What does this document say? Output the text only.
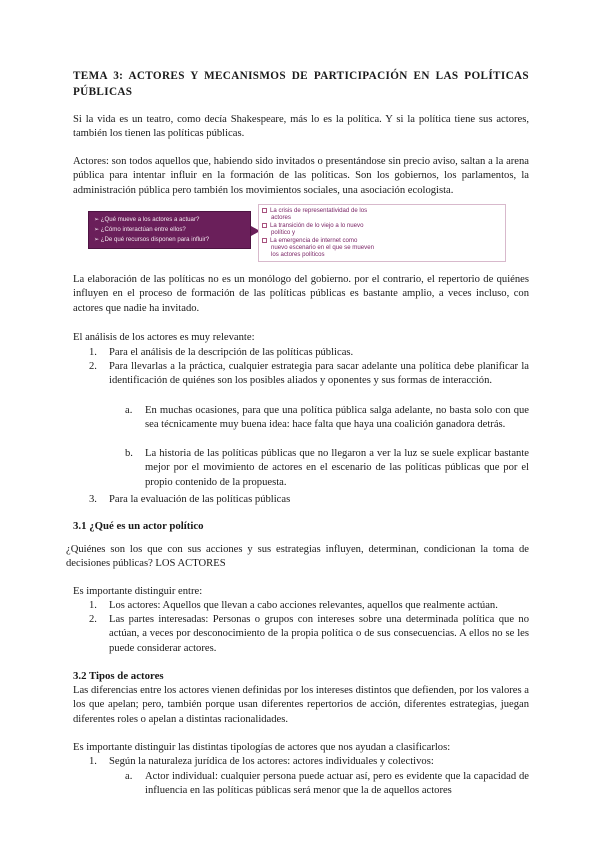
TEMA 3: ACTORES Y MECANISMOS DE PARTICIPACIÓN EN LAS POLÍTICAS PÚBLICAS
Si la vida es un teatro, como decía Shakespeare, más lo es la política. Y si la política tiene sus actores, también los tienen las políticas públicas.
Actores: son todos aquellos que, habiendo sido invitados o presentándose sin precio aviso, saltan a la arena pública para intentar influir en la formación de las políticas. Son los gobiernos, los parlamentos, la administración pública pero también los movimientos sociales, una asociación ecologista.
➢ ¿Qué mueve a los actores a actuar?
➢ ¿Cómo interactúan entre ellos?
➢ ¿De qué recursos disponen para influir?
La crisis de representatividad de los
actores
La transición de lo viejo a lo nuevo
político y
La emergencia de internet como
nuevo escenario en el que se mueven
los actores políticos
La elaboración de las políticas no es un monólogo del gobierno. por el contrario, el repertorio de quiénes influyen en el proceso de formación de las políticas públicas es bastante amplio, a veces incluso, con actores que nadie ha invitado.
El análisis de los actores es muy relevante:
1.	Para el análisis de la descripción de las políticas públicas.
2.	Para llevarlas a la práctica, cualquier estrategia para sacar adelante una política debe planificar la identificación de quiénes son los posibles aliados y oponentes y sus formas de interacción.
a.	En muchas ocasiones, para que una política pública salga adelante, no basta solo con que sea técnicamente muy buena idea: hace falta que haya una coalición ganadora detrás.
b.	La historia de las políticas públicas que no llegaron a ver la luz se suele explicar bastante mejor por el movimiento de actores en el escenario de las políticas públicas que por el propio contenido de la propuesta.
3.	Para la evaluación de las políticas públicas
3.1 ¿Qué es un actor político
¿Quiénes son los que con sus acciones y sus estrategias influyen, determinan, condicionan la toma de decisiones públicas? LOS ACTORES
Es importante distinguir entre:
1.	Los actores: Aquellos que llevan a cabo acciones relevantes, aquellos que realmente actúan.
2.	Las partes interesadas: Personas o grupos con intereses sobre una determinada política que no actúan, a veces por desconocimiento de la propia política o de sus consecuencias. A ellos no se les puede considerar actores.
3.2 Tipos de actores
Las diferencias entre los actores vienen definidas por los intereses distintos que defienden, por los valores a los que apelan; pero, también porque usan diferentes repertorios de acción, diferentes estrategias, juegan diferentes roles o apelan a distintas racionalidades.
Es importante distinguir las distintas tipologías de actores que nos ayudan a clasificarlos:
1.	Según la naturaleza jurídica de los actores: actores individuales y colectivos:
a.	Actor individual: cualquier persona puede actuar así, pero es evidente que la capacidad de influencia en las políticas públicas será menor que la de aquellos actores
